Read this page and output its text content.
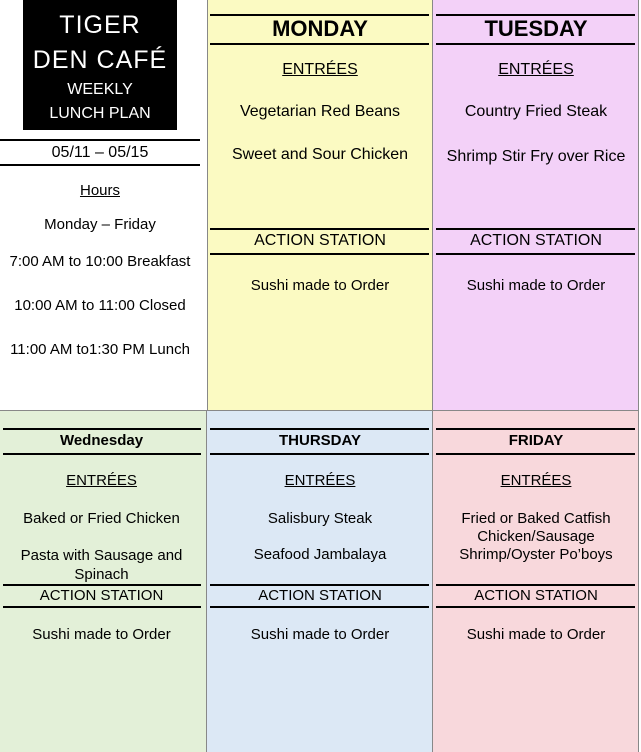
TIGER
DEN CAFÉ
WEEKLY
LUNCH PLAN
05/11 – 05/15
Hours
Monday – Friday
7:00 AM to 10:00 Breakfast
10:00 AM to 11:00 Closed
11:00 AM to1:30 PM Lunch
MONDAY
ENTRÉES
Vegetarian Red Beans
Sweet and Sour Chicken
ACTION STATION
Sushi made to Order
TUESDAY
ENTRÉES
Country Fried Steak
Shrimp Stir Fry over Rice
ACTION STATION
Sushi made to Order
Wednesday
ENTRÉES
Baked or Fried Chicken
Pasta with Sausage and Spinach
ACTION STATION
Sushi made to Order
THURSDAY
ENTRÉES
Salisbury Steak
Seafood Jambalaya
ACTION STATION
Sushi made to Order
FRIDAY
ENTRÉES
Fried or Baked Catfish
Chicken/Sausage
Shrimp/Oyster Po’boys
ACTION STATION
Sushi made to Order
